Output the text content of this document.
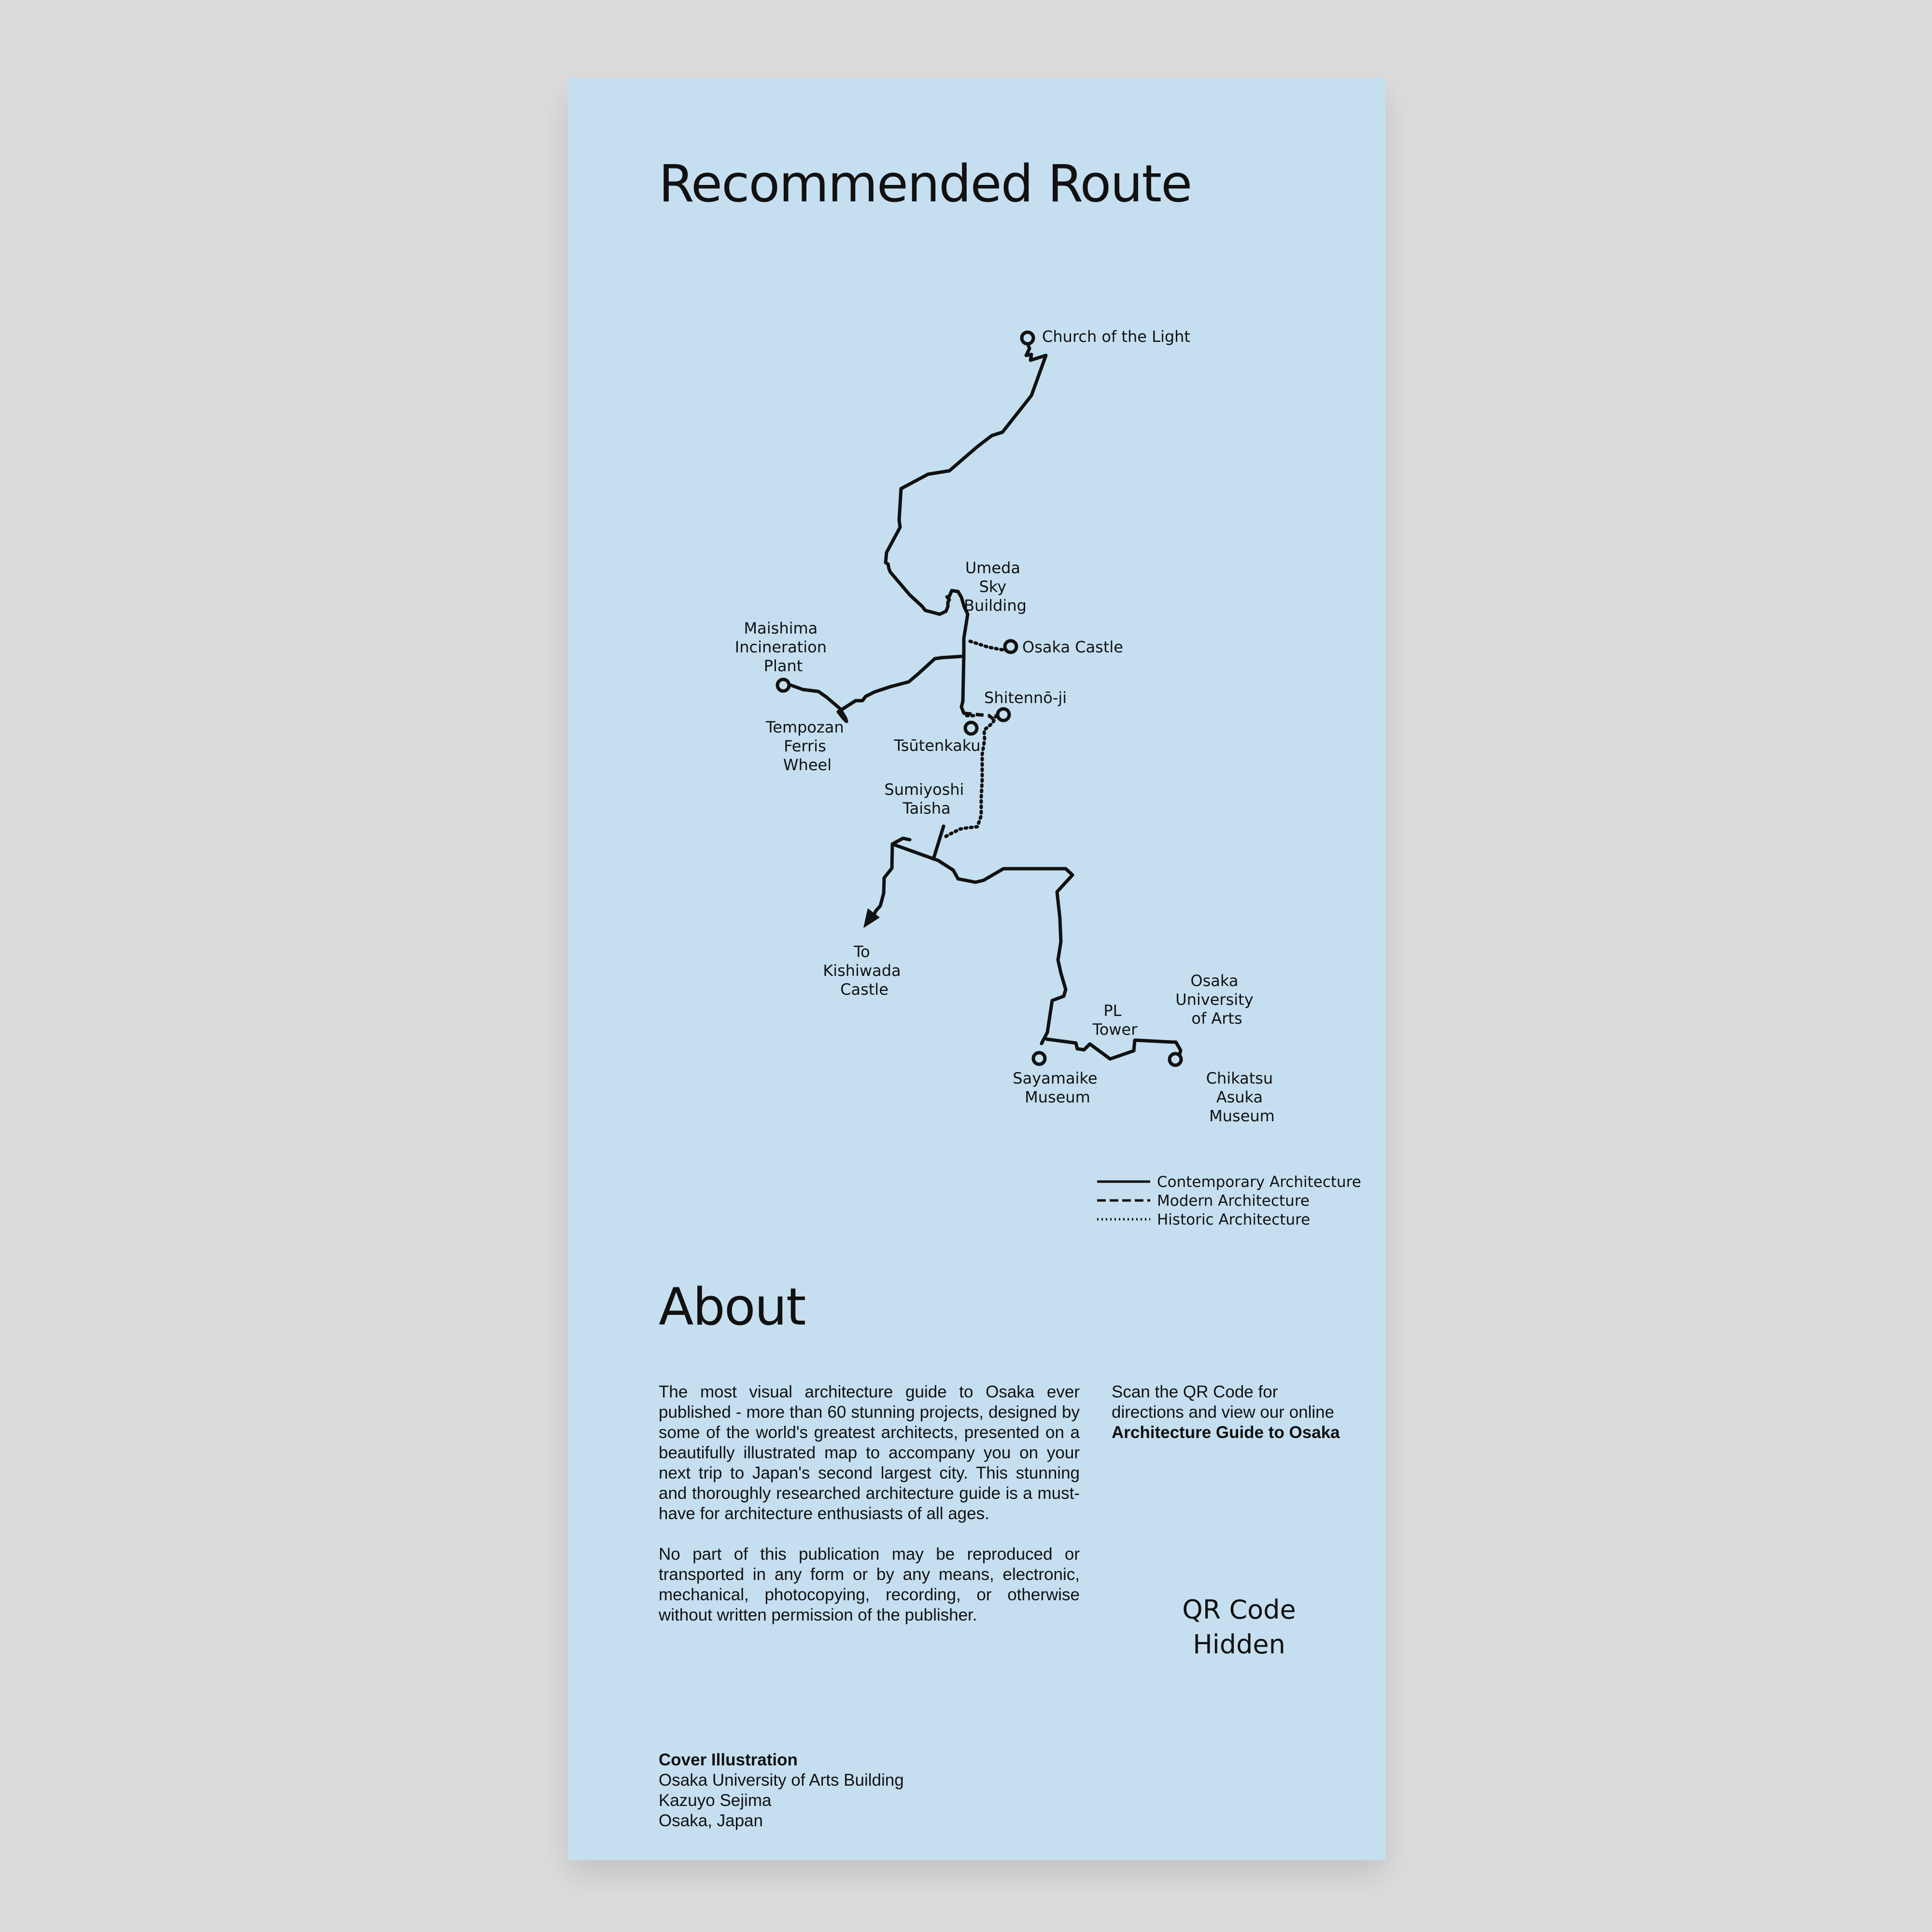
Recommended Route
Church of the Light
Umeda Sky Building
Osaka Castle
Maishima Incineration Plant
Shitennō-ji
Tempozan Ferris Wheel
Tsūtenkaku
Sumiyoshi Taisha
To Kishiwada Castle
PL Tower
Osaka University of Arts
Sayamaike Museum
Chikatsu Asuka Museum
Contemporary Architecture
Modern Architecture
Historic Architecture
About

The most visual architecture guide to Osaka ever published - more than 60 stunning projects, designed by some of the world's greatest architects, presented on a beautifully illustrated map to accompany you on your next trip to Japan's second largest city. This stunning and thoroughly researched architecture guide is a must-have for architecture enthusiasts of all ages.

No part of this publication may be reproduced or transported in any form or by any means, electronic, mechanical, photocopying, recording, or otherwise without written permission of the publisher.

Cover Illustration
Osaka University of Arts Building
Kazuyo Sejima
Osaka, Japan
Scan the QR Code for
directions and view our online
Architecture Guide to Osaka
QR Code
Hidden
